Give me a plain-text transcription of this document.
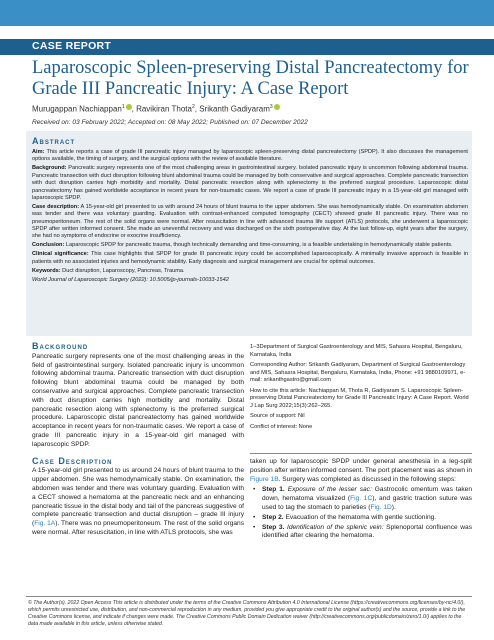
CASE REPORT
Laparoscopic Spleen-preserving Distal Pancreatectomy for Grade III Pancreatic Injury: A Case Report
Murugappan Nachiappan$^1$ , Ravikiran Thota$^2$, Srikanth Gadiyaram$^3$
Received on: 03 February 2022; Accepted on: 08 May 2022; Published on: 07 December 2022
Abstract

Aim: This article reports a case of grade III pancreatic injury managed by laparoscopic spleen-preserving distal pancreatectomy (SPDP). It also discusses the management options available, the timing of surgery, and the surgical options with the review of available literature.

Background: Pancreatic surgery represents one of the most challenging areas in gastrointestinal surgery. Isolated pancreatic injury is uncommon following abdominal trauma. Pancreatic transection with duct disruption following blunt abdominal trauma could be managed by both conservative and surgical approaches. Complete pancreatic transection with duct disruption carries high morbidity and mortality. Distal pancreatic resection along with splenectomy is the preferred surgical procedure. Laparoscopic distal pancreatectomy has gained worldwide acceptance in recent years for non-traumatic cases. We report a case of grade III pancreatic injury in a 15-year-old girl managed with laparoscopic SPDP.

Case description: A 15-year-old girl presented to us with around 24 hours of blunt trauma to the upper abdomen. She was hemodynamically stable. On examination abdomen was tender and there was voluntary guarding. Evaluation with contrast-enhanced computed tomography (CECT) showed grade III pancreatic injury. There was no pneumoperitoneum. The rest of the solid organs were normal. After resuscitation in line with advanced trauma life support (ATLS) protocols, she underwent a laparoscopic SPDP after written informed consent. She made an uneventful recovery and was discharged on the sixth postoperative day. At the last follow-up, eight years after the surgery, she had no symptoms of endocrine or exocrine insufficiency.

Conclusion: Laparoscopic SPDP for pancreatic trauma, though technically demanding and time-consuming, is a feasible undertaking in hemodynamically stable patients.

Clinical significance: This case highlights that SPDP for grade III pancreatic injury could be accomplished laparoscopically. A minimally invasive approach is feasible in patients with no associated injuries and hemodynamic stability. Early diagnosis and surgical management are crucial for optimal outcomes.

Keywords: Duct disruption, Laparoscopy, Pancreas, Trauma.

World Journal of Laparoscopic Surgery (2022): 10.5005/jp-journals-10033-1542

Background
Pancreatic surgery represents one of the most challenging areas in the field of gastrointestinal surgery. Isolated pancreatic injury is uncommon following abdominal trauma. Pancreatic transection with duct disruption following blunt abdominal trauma could be managed by both conservative and surgical approaches. Complete pancreatic transection with duct disruption carries high morbidity and mortality. Distal pancreatic resection along with splenectomy is the preferred surgical procedure. Laparoscopic distal pancreatectomy has gained worldwide acceptance in recent years for non-traumatic cases. We report a case of grade III pancreatic injury in a 15-year-old girl managed with laparoscopic SPDP.
Case Description
A 15-year-old girl presented to us around 24 hours of blunt trauma to the upper abdomen. She was hemodynamically stable. On examination, the abdomen was tender and there was voluntary guarding. Evaluation with a CECT showed a hematoma at the pancreatic neck and an enhancing pancreatic tissue in the distal body and tail of the pancreas suggestive of complete pancreatic transection and ductal disruption – grade III injury (Fig. 1A). There was no pneumoperitoneum. The rest of the solid organs were normal. After resuscitation, in line with ATLS protocols, she was

1–3Department of Surgical Gastroenterology and MIS, Sahasra Hospital, Bengaluru, Karnataka, India

Corresponding Author: Srikanth Gadiyaram, Department of Surgical Gastroenterology and MIS, Sahasra Hospital, Bengaluru, Karnataka, India, Phone: +91 9880109971, e-mail: srikanthgastro@gmail.com

How to cite this article: Nachiappan M, Thota R, Gadiyaram S. Laparoscopic Spleen-preserving Distal Pancreatectomy for Grade III Pancreatic Injury: A Case Report. World J Lap Surg 2022;15(3):262–265.

Source of support: Nil

Conflict of interest: None

taken up for laparoscopic SPDP under general anesthesia in a leg-split position after written informed consent. The port placement was as shown in Figure 1B. Surgery was completed as discussed in the following steps:
• Step 1. Exposure of the lesser sac: Gastrocolic omentum was taken down, hematoma visualized (Fig. 1C), and gastric traction suture was used to tag the stomach to parieties (Fig. 1D).
• Step 2. Evacuation of the hematoma with gentle suctioning.
• Step 3. Identification of the splenic vein: Splenoportal confluence was identified after clearing the hematoma.
© The Author(s). 2022 Open Access This article is distributed under the terms of the Creative Commons Attribution 4.0 International License (https://creativecommons.org/licenses/by-nc/4.0/), which permits unrestricted use, distribution, and non-commercial reproduction in any medium, provided you give appropriate credit to the original author(s) and the source, provide a link to the Creative Commons license, and indicate if changes were made. The Creative Commons Public Domain Dedication waiver (http://creativecommons.org/publicdomain/zero/1.0/) applies to the data made available in this article, unless otherwise stated.
